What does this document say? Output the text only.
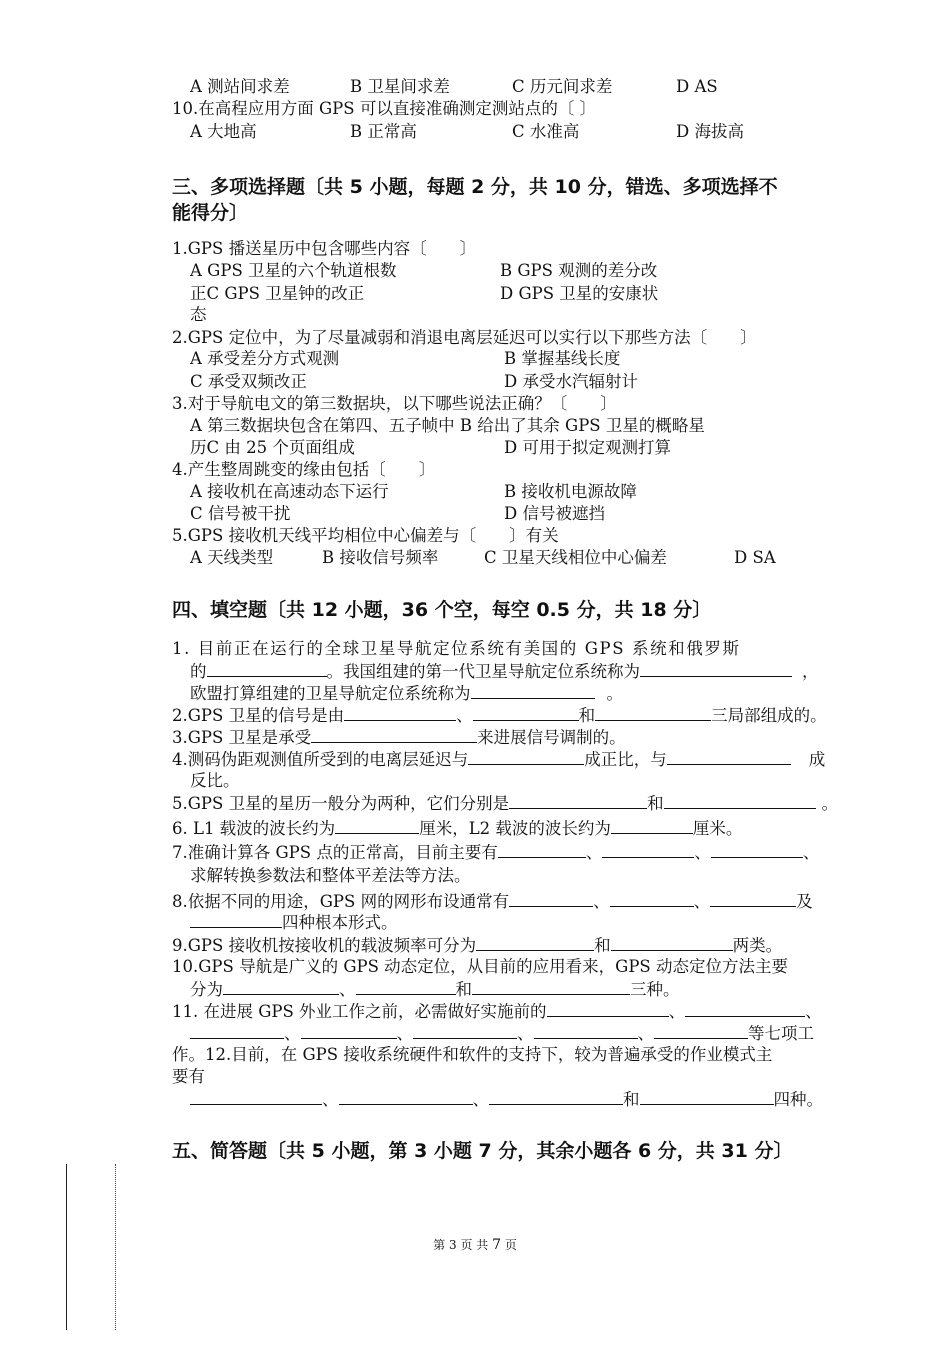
A 测站间求差	B 卫星间求差	C 历元间求差	D AS
10.在高程应用方面 GPS 可以直接准确测定测站点的〔 〕
A 大地高	B 正常高	C 水准高	D 海拔高
三、多项选择题〔共 5 小题，每题 2 分，共 10 分，错选、多项选择不
能得分〕
1.GPS 播送星历中包含哪些内容〔　　〕
A GPS 卫星的六个轨道根数	B GPS 观测的差分改
正C GPS 卫星钟的改正	D GPS 卫星的安康状
态
2.GPS 定位中，为了尽量减弱和消退电离层延迟可以实行以下那些方法〔　　〕
A 承受差分方式观测	B 掌握基线长度
C 承受双频改正	D 承受水汽辐射计
3.对于导航电文的第三数据块，以下哪些说法正确？〔　　〕
A 第三数据块包含在第四、五子帧中 B 给出了其余 GPS 卫星的概略星
历C 由 25 个页面组成	D 可用于拟定观测打算
4.产生整周跳变的缘由包括〔　　〕
A 接收机在高速动态下运行	B 接收机电源故障
C 信号被干扰	D 信号被遮挡
5.GPS 接收机天线平均相位中心偏差与〔　　〕有关
A 天线类型	B 接收信号频率	C 卫星天线相位中心偏差	D SA
四、填空题〔共 12 小题，36 个空，每空 0.5 分，共 18 分〕
1. 目前正在运行的全球卫星导航定位系统有美国的 GPS 系统和俄罗斯
的	。我国组建的第一代卫星导航定位系统称为	，
欧盟打算组建的卫星导航定位系统称为	。
2.GPS 卫星的信号是由	、	和	三局部组成的。
3.GPS 卫星是承受	来进展信号调制的。
4.测码伪距观测值所受到的电离层延迟与	成正比，与	成
反比。
5.GPS 卫星的星历一般分为两种，它们分别是	和	。
6. L1 载波的波长约为	厘米，L2 载波的波长约为	厘米。
7.准确计算各 GPS 点的正常高，目前主要有	、	、	、
求解转换参数法和整体平差法等方法。
8.依据不同的用途，GPS 网的网形布设通常有	、	、	及
四种根本形式。
9.GPS 接收机按接收机的载波频率可分为	和	两类。
10.GPS 导航是广义的 GPS 动态定位，从目前的应用看来，GPS 动态定位方法主要
分为	、	和	三种。
11. 在进展 GPS 外业工作之前，必需做好实施前的	、	、
、	、	、	、	等七项工
作。12.目前，在 GPS 接收系统硬件和软件的支持下，较为普遍承受的作业模式主
要有
、	、	和	四种。
五、简答题〔共 5 小题，第 3 小题 7 分，其余小题各 6 分，共 31 分〕
第 3 页 共 7 页
